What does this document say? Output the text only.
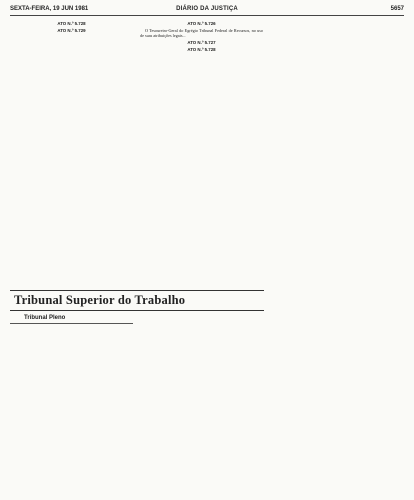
SEXTA-FEIRA, 19 JUN 1981	DIÁRIO DA JUSTIÇA	5657

ATO N.º 5.728

ATO N.º 5.729

ATO N.º 5.726

O Tesoureiro-Geral do Egrégio Tribunal Federal de Recursos, no uso de suas atribuições legais...

ATO N.º 5.727

ATO N.º 5.728

Tribunal Superior do Trabalho
Tribunal Pleno
